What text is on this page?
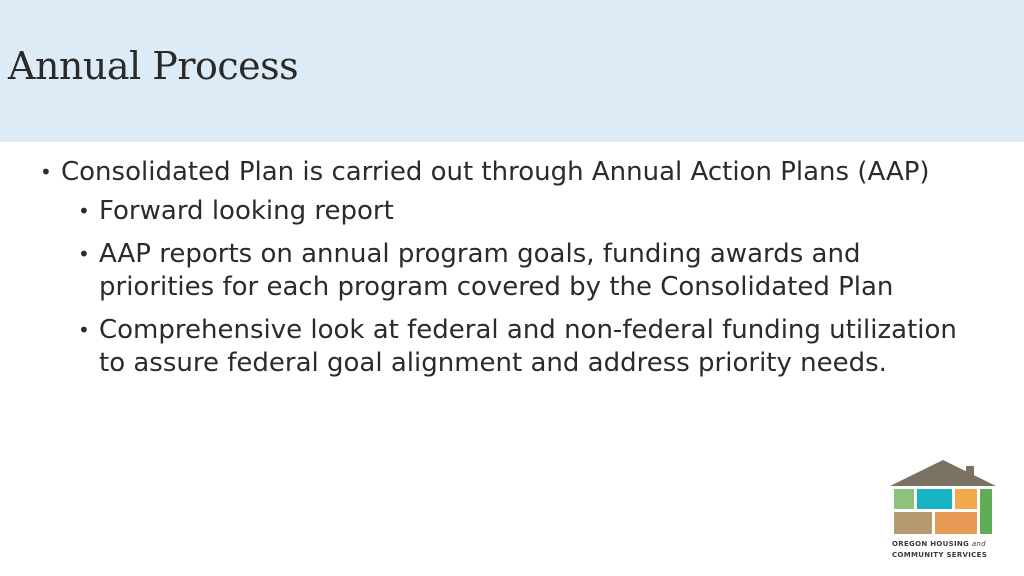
Annual Process
• Consolidated Plan is carried out through Annual Action Plans (AAP)
• Forward looking report
• AAP reports on annual program goals, funding awards and priorities for each program covered by the Consolidated Plan
• Comprehensive look at federal and non-federal funding utilization to assure federal goal alignment and address priority needs.
OREGON HOUSING and
COMMUNITY SERVICES
